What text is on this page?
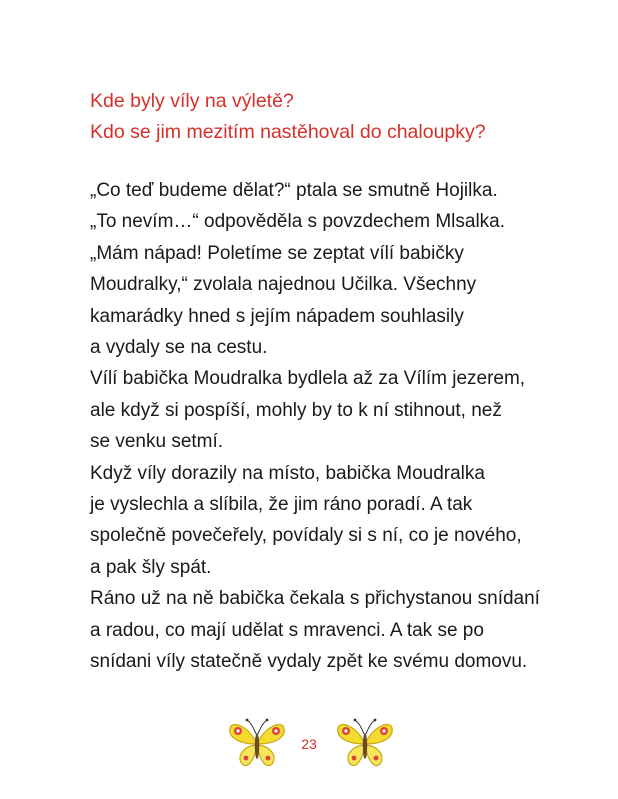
Kde byly víly na výletě?
Kdo se jim mezitím nastěhoval do chaloupky?
„Co teď budeme dělat?“ ptala se smutně Hojilka.
„To nevím…“ odpověděla s povzdechem Mlsalka.
„Mám nápad! Poletíme se zeptat vílí babičky
Moudralky,“ zvolala najednou Učilka. Všechny
kamarádky hned s jejím nápadem souhlasily
a vydaly se na cestu.
Vílí babička Moudralka bydlela až za Vílím jezerem,
ale když si pospíší, mohly by to k ní stihnout, než
se venku setmí.
Když víly dorazily na místo, babička Moudralka
je vyslechla a slíbila, že jim ráno poradí. A tak
společně povečeřely, povídaly si s ní, co je nového,
a pak šly spát.
Ráno už na ně babička čekala s přichystanou snídaní
a radou, co mají udělat s mravenci. A tak se po
snídani víly statečně vydaly zpět ke svému domovu.
23
